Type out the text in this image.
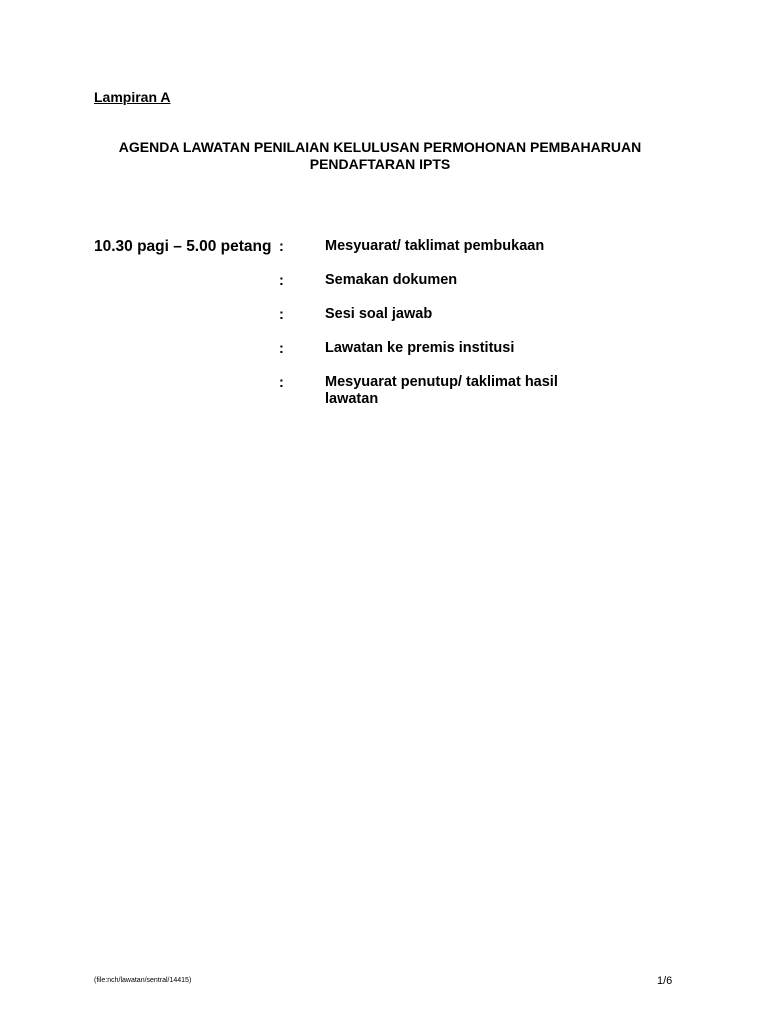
Lampiran A
AGENDA LAWATAN PENILAIAN KELULUSAN PERMOHONAN PEMBAHARUAN
PENDAFTARAN IPTS
10.30 pagi – 5.00 petang :	Mesyuarat/ taklimat pembukaan
:	Semakan dokumen
:	Sesi soal jawab
:	Lawatan ke premis institusi
:	Mesyuarat penutup/ taklimat hasil lawatan
(file:nch/lawatan/sentral/14415)	1/6
